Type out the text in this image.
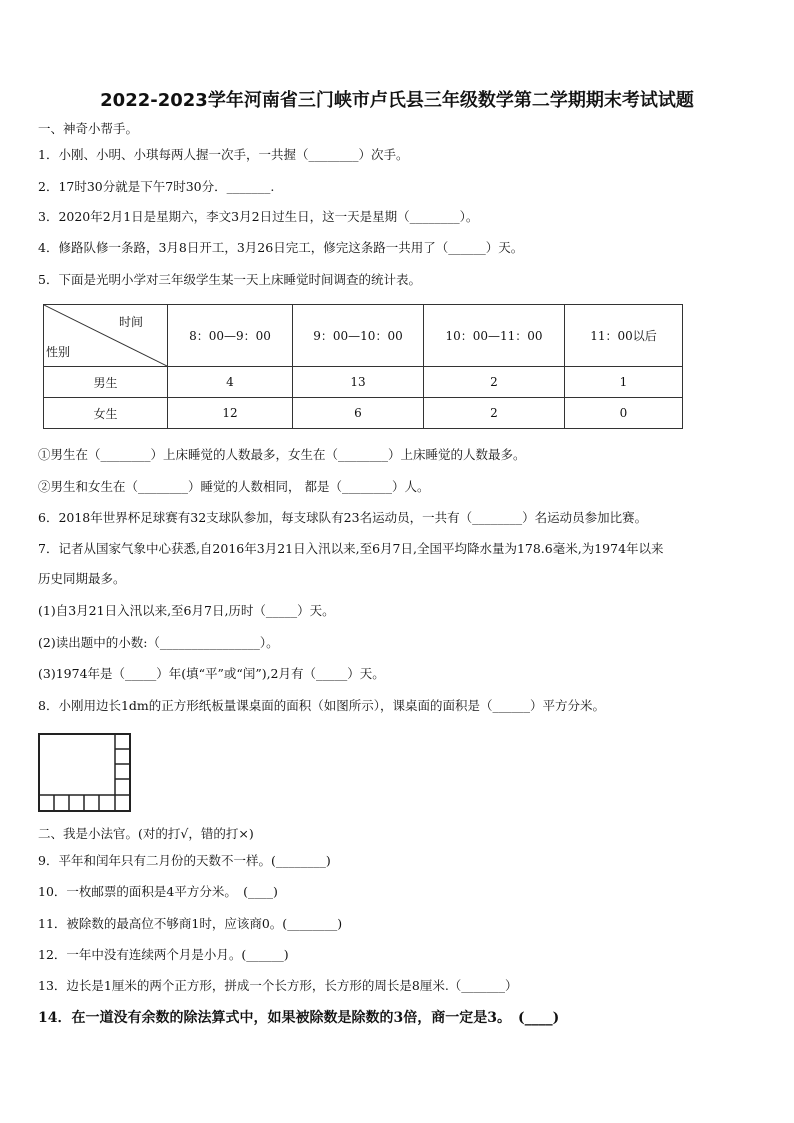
2022-2023学年河南省三门峡市卢氏县三年级数学第二学期期末考试试题
一、神奇小帮手。
1．小刚、小明、小琪每两人握一次手，一共握（________）次手。
2．17时30分就是下午7时30分．_______.
3．2020年2月1日是星期六，李文3月2日过生日，这一天是星期（________）。
4．修路队修一条路，3月8日开工，3月26日完工，修完这条路一共用了（______）天。
5．下面是光明小学对三年级学生某一天上床睡觉时间调查的统计表。
时间
性别	8：00—9：00	9：00—10：00	10：00—11：00	11：00以后
男生	4	13	2	1
女生	12	6	2	0
①男生在（________）上床睡觉的人数最多，女生在（________）上床睡觉的人数最多。
②男生和女生在（________）睡觉的人数相同， 都是（________）人。
6．2018年世界杯足球赛有32支球队参加，每支球队有23名运动员，一共有（________）名运动员参加比赛。
7．记者从国家气象中心获悉,自2016年3月21日入汛以来,至6月7日,全国平均降水量为178.6毫米,为1974年以来
历史同期最多。
(1)自3月21日入汛以来,至6月7日,历时（_____）天。
(2)读出题中的小数:（________________）。
(3)1974年是（_____）年(填“平”或“闰”),2月有（_____）天。
8．小刚用边长1dm的正方形纸板量课桌面的面积（如图所示），课桌面的面积是（______）平方分米。
二、我是小法官。(对的打√，错的打×)
9．平年和闰年只有二月份的天数不一样。(________)
10．一枚邮票的面积是4平方分米。　(____)
11．被除数的最高位不够商1时，应该商0。(________)
12．一年中没有连续两个月是小月。(______)
13．边长是1厘米的两个正方形，拼成一个长方形，长方形的周长是8厘米.（_______）
14．在一道没有余数的除法算式中，如果被除数是除数的3倍，商一定是3。　(____)
